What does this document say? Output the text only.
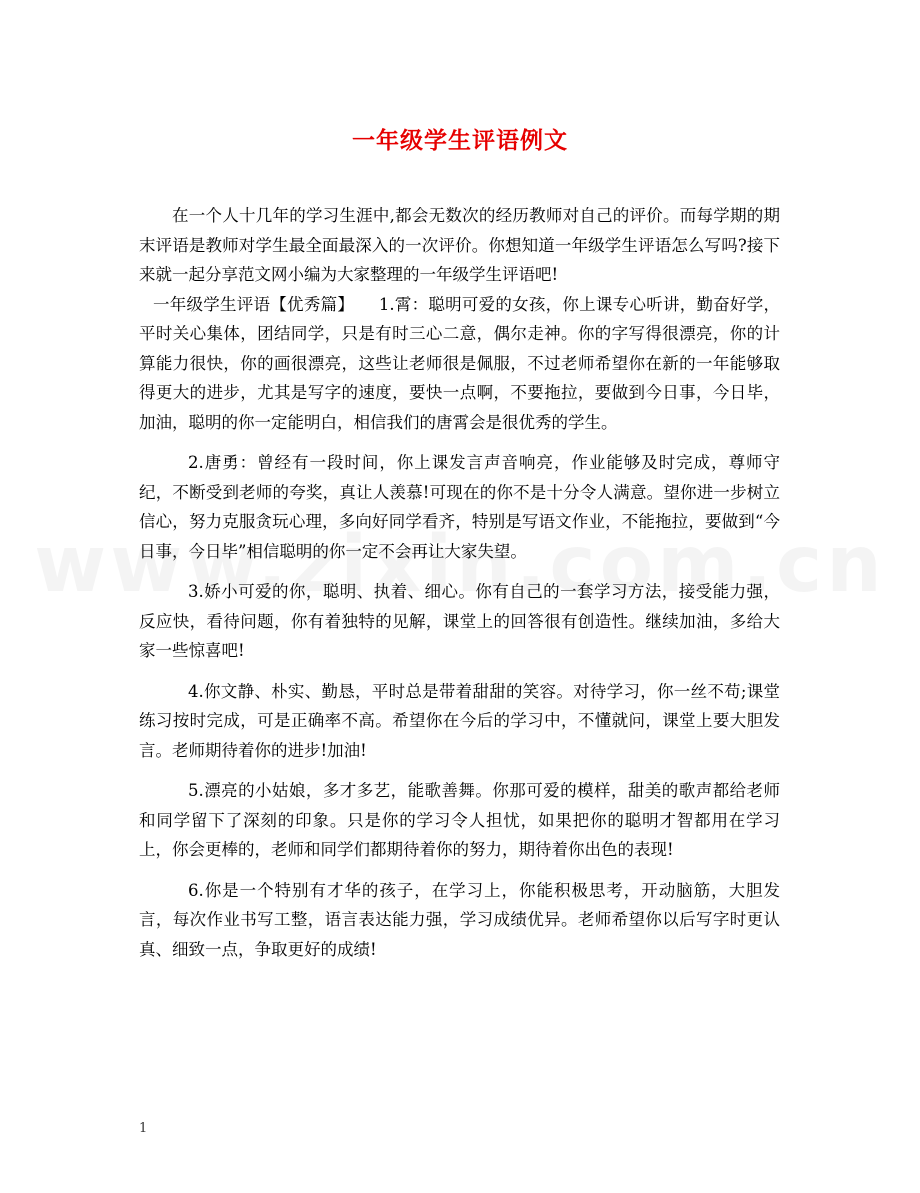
一年级学生评语例文

在一个人十几年的学习生涯中,都会无数次的经历教师对自己的评价。而每学期的期末评语是教师对学生最全面最深入的一次评价。你想知道一年级学生评语怎么写吗?接下来就一起分享范文网小编为大家整理的一年级学生评语吧!

一年级学生评语【优秀篇】   1.霄：聪明可爱的女孩，你上课专心听讲，勤奋好学，平时关心集体，团结同学，只是有时三心二意，偶尔走神。你的字写得很漂亮，你的计算能力很快，你的画很漂亮，这些让老师很是佩服，不过老师希望你在新的一年能够取得更大的进步，尤其是写字的速度，要快一点啊，不要拖拉，要做到今日事，今日毕，加油，聪明的你一定能明白，相信我们的唐霄会是很优秀的学生。

2.唐勇：曾经有一段时间，你上课发言声音响亮，作业能够及时完成，尊师守纪，不断受到老师的夸奖，真让人羡慕!可现在的你不是十分令人满意。望你进一步树立信心，努力克服贪玩心理，多向好同学看齐，特别是写语文作业，不能拖拉，要做到“今日事，今日毕”相信聪明的你一定不会再让大家失望。

3.娇小可爱的你，聪明、执着、细心。你有自己的一套学习方法，接受能力强，反应快，看待问题，你有着独特的见解，课堂上的回答很有创造性。继续加油，多给大家一些惊喜吧!

4.你文静、朴实、勤恳，平时总是带着甜甜的笑容。对待学习，你一丝不苟;课堂练习按时完成，可是正确率不高。希望你在今后的学习中，不懂就问，课堂上要大胆发言。老师期待着你的进步!加油!

5.漂亮的小姑娘，多才多艺，能歌善舞。你那可爱的模样，甜美的歌声都给老师和同学留下了深刻的印象。只是你的学习令人担忧，如果把你的聪明才智都用在学习上，你会更棒的，老师和同学们都期待着你的努力，期待着你出色的表现!

6.你是一个特别有才华的孩子，在学习上，你能积极思考，开动脑筋，大胆发言，每次作业书写工整，语言表达能力强，学习成绩优异。老师希望你以后写字时更认真、细致一点，争取更好的成绩!

1
